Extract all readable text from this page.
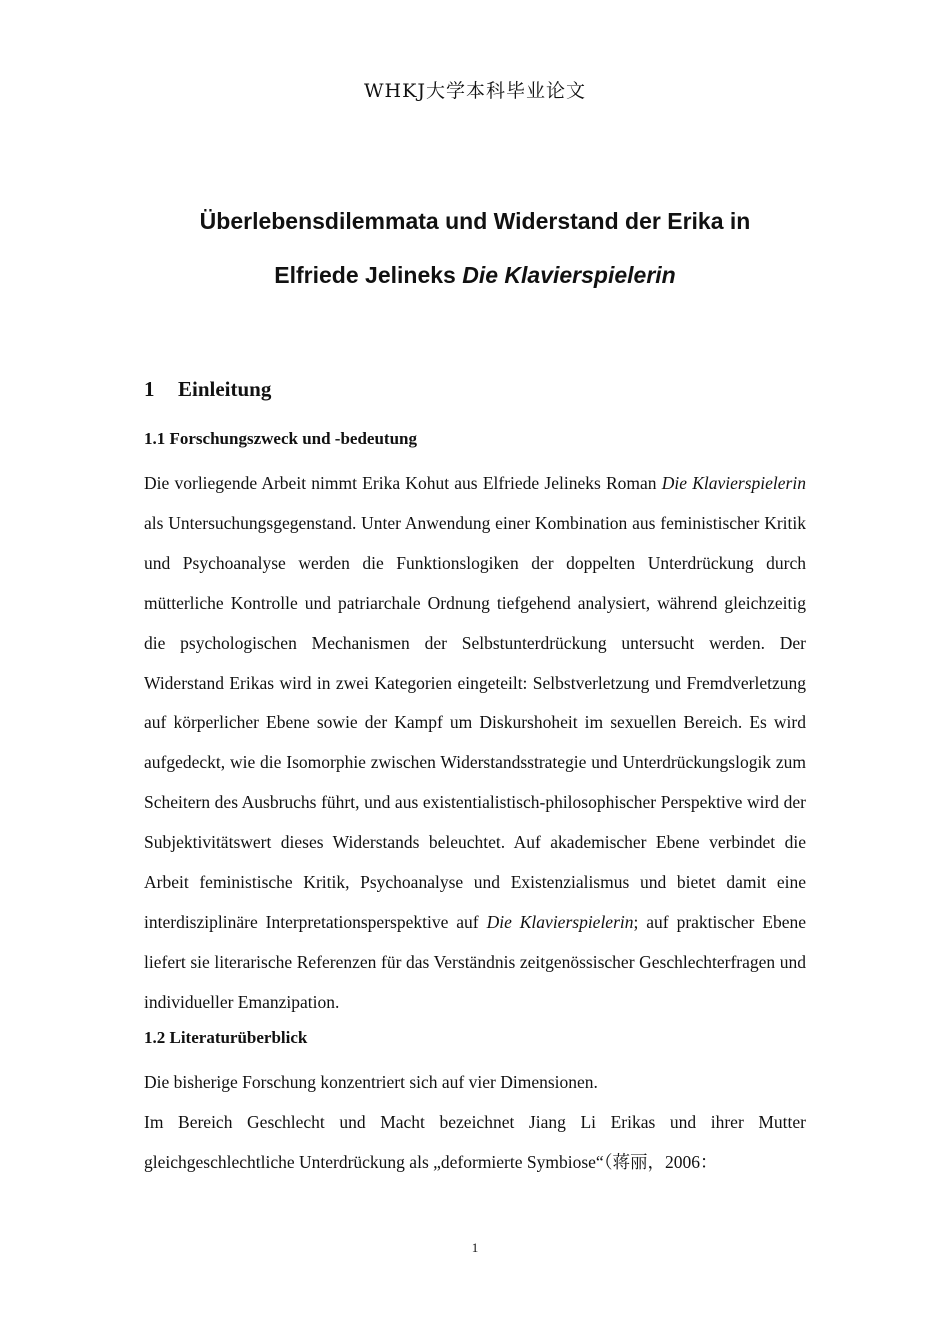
WHKJ大学本科毕业论文
Überlebensdilemmata und Widerstand der Erika in
Elfriede Jelineks Die Klavierspielerin
1 Einleitung
1.1 Forschungszweck und -bedeutung

Die vorliegende Arbeit nimmt Erika Kohut aus Elfriede Jelineks Roman Die Klavierspielerin als Untersuchungsgegenstand. Unter Anwendung einer Kombination aus feministischer Kritik und Psychoanalyse werden die Funktionslogiken der doppelten Unterdrückung durch mütterliche Kontrolle und patriarchale Ordnung tiefgehend analysiert, während gleichzeitig die psychologischen Mechanismen der Selbstunterdrückung untersucht werden. Der Widerstand Erikas wird in zwei Kategorien eingeteilt: Selbstverletzung und Fremdverletzung auf körperlicher Ebene sowie der Kampf um Diskurshoheit im sexuellen Bereich. Es wird aufgedeckt, wie die Isomorphie zwischen Widerstandsstrategie und Unterdrückungslogik zum Scheitern des Ausbruchs führt, und aus existentialistisch-philosophischer Perspektive wird der Subjektivitätswert dieses Widerstands beleuchtet. Auf akademischer Ebene verbindet die Arbeit feministische Kritik, Psychoanalyse und Existenzialismus und bietet damit eine interdisziplinäre Interpretationsperspektive auf Die Klavierspielerin; auf praktischer Ebene liefert sie literarische Referenzen für das Verständnis zeitgenössischer Geschlechterfragen und individueller Emanzipation.

1.2 Literaturüberblick

Die bisherige Forschung konzentriert sich auf vier Dimensionen.

Im Bereich Geschlecht und Macht bezeichnet Jiang Li Erikas und ihrer Mutter gleichgeschlechtliche Unterdrückung als „deformierte Symbiose“（蒋丽，2006：

1
